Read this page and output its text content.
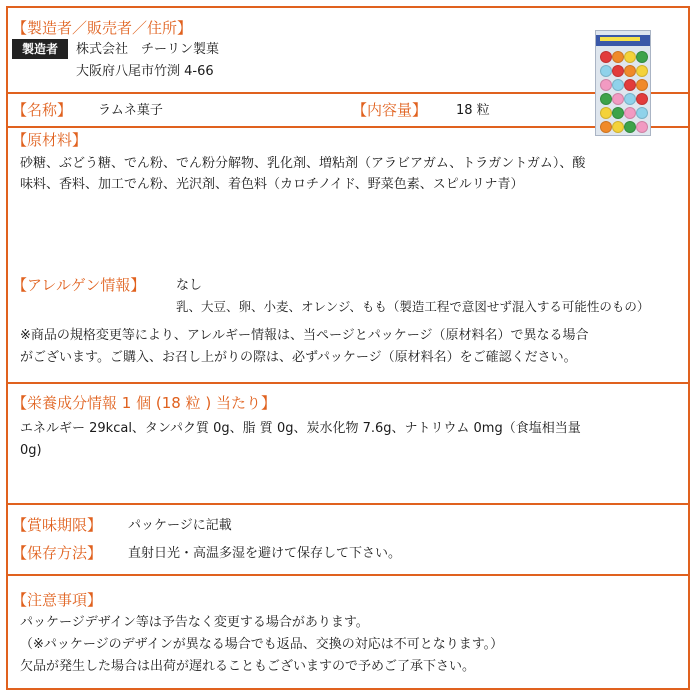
【製造者／販売者／住所】
製造者	株式会社　チーリン製菓
大阪府八尾市竹渕 4-66
【名称】 ラムネ菓子	【内容量】 18 粒
【原材料】
砂糖、ぶどう糖、でん粉、でん粉分解物、乳化剤、増粘剤（アラビアガム、トラガントガム）、酸
味料、香料、加工でん粉、光沢剤、着色料（カロチノイド、野菜色素、スピルリナ青）
【アレルゲン情報】 なし
乳、大豆、卵、小麦、オレンジ、もも（製造工程で意図せず混入する可能性のもの）
※商品の規格変更等により、アレルギー情報は、当ページとパッケージ（原材料名）で異なる場合
がございます。ご購入、お召し上がりの際は、必ずパッケージ（原材料名）をご確認ください。
【栄養成分情報 1 個 (18 粒 ) 当たり】
エネルギー 29kcal、タンパク質 0g、脂 質 0g、炭水化物 7.6g、ナトリウム 0mg（食塩相当量
0g)
【賞味期限】 パッケージに記載
【保存方法】 直射日光・高温多湿を避けて保存して下さい。
【注意事項】
パッケージデザイン等は予告なく変更する場合があります。
（※パッケージのデザインが異なる場合でも返品、交換の対応は不可となります。）
欠品が発生した場合は出荷が遅れることもございますので予めご了承下さい。
